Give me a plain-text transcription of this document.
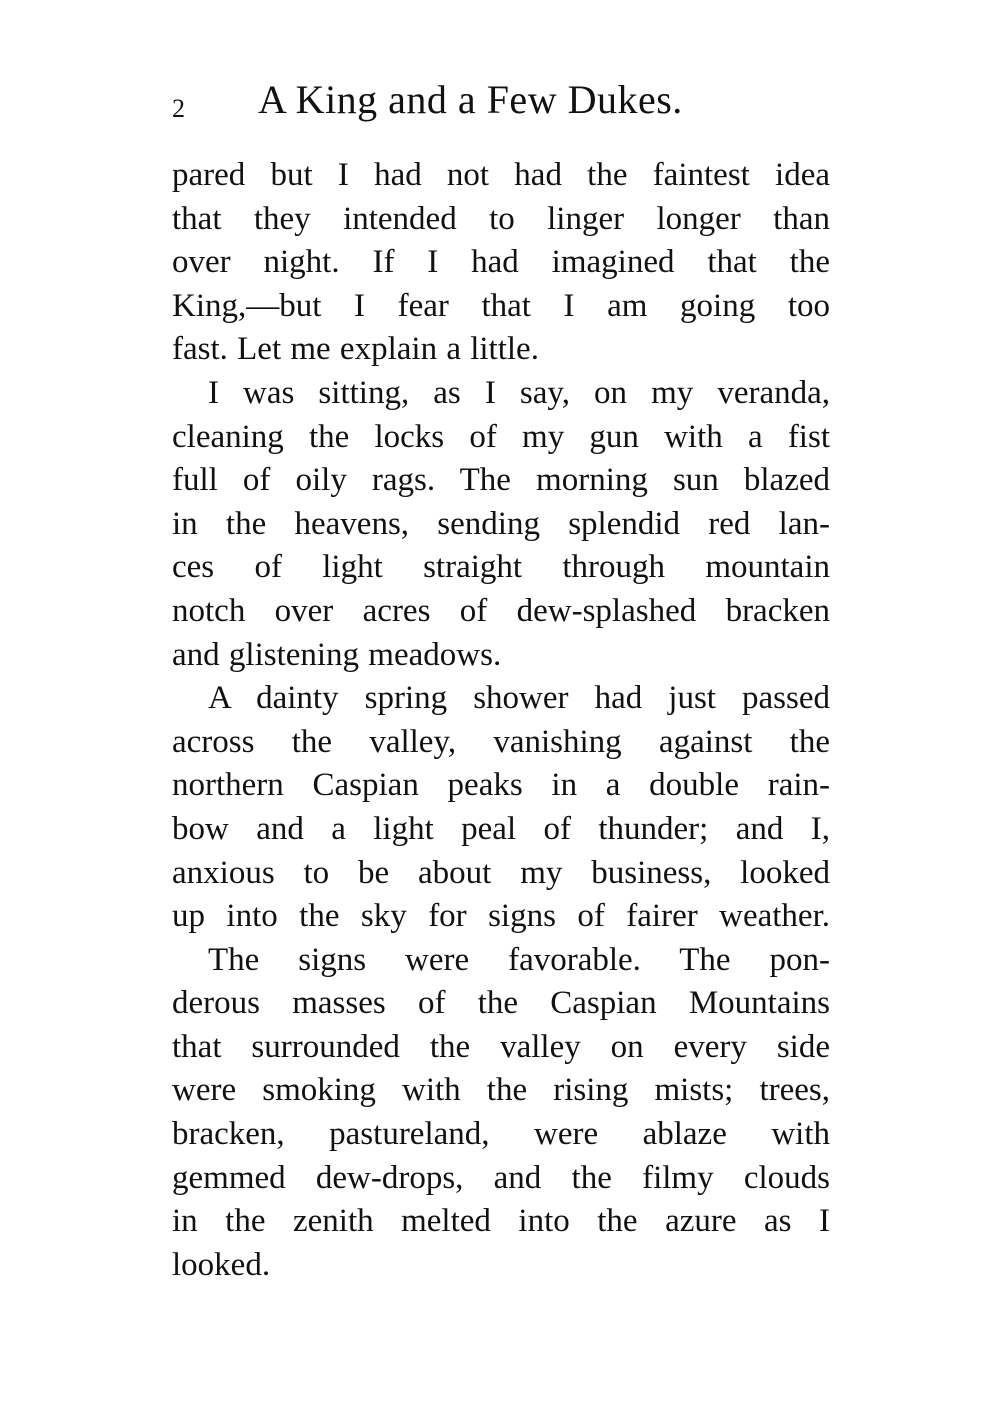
2 A King and a Few Dukes.
pared but I had not had the faintest idea
that they intended to linger longer than
over night. If I had imagined that the
King,—but I fear that I am going too
fast. Let me explain a little.
I was sitting, as I say, on my veranda,
cleaning the locks of my gun with a fist
full of oily rags. The morning sun blazed
in the heavens, sending splendid red lan-
ces of light straight through mountain
notch over acres of dew-splashed bracken
and glistening meadows.
A dainty spring shower had just passed
across the valley, vanishing against the
northern Caspian peaks in a double rain-
bow and a light peal of thunder; and I,
anxious to be about my business, looked
up into the sky for signs of fairer weather.
The signs were favorable. The pon-
derous masses of the Caspian Mountains
that surrounded the valley on every side
were smoking with the rising mists; trees,
bracken, pastureland, were ablaze with
gemmed dew-drops, and the filmy clouds
in the zenith melted into the azure as I
looked.
